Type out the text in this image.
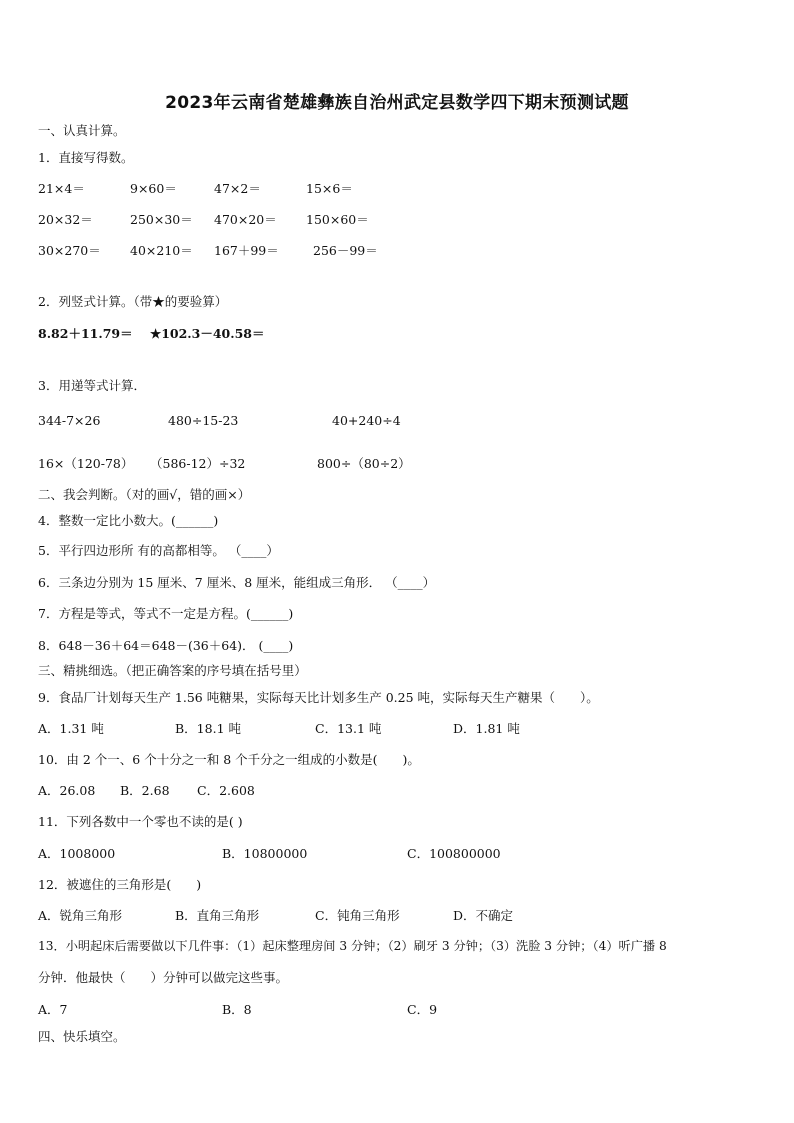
2023年云南省楚雄彝族自治州武定县数学四下期末预测试题
一、认真计算。
1．直接写得数。
21×4＝	9×60＝	47×2＝	15×6＝
20×32＝	250×30＝ 470×20＝ 150×60＝
30×270＝ 40×210＝ 167＋99＝	256－99＝
2．列竖式计算。（带★的要验算）
8.82＋11.79＝ ★102.3－40.58＝
3．用递等式计算．
344-7×26	480÷15-23	40+240÷4
16×（120-78） （586-12）÷32	800÷（80÷2）
二、我会判断。（对的画√，错的画×）
4．整数一定比小数大。(______)
5．平行四边形所 有的高都相等。 （____）
6．三条边分别为 15 厘米、7 厘米、8 厘米，能组成三角形． （____）
7．方程是等式，等式不一定是方程。(______)
8．648－36＋64＝648－(36＋64)． (____)
三、精挑细选。（把正确答案的序号填在括号里）
9．食品厂计划每天生产 1.56 吨糖果，实际每天比计划多生产 0.25 吨，实际每天生产糖果（　　）。
A．1.31 吨	B．18.1 吨	C．13.1 吨	D．1.81 吨
10．由 2 个一、6 个十分之一和 8 个千分之一组成的小数是(　　)。
A．26.08 B．2.68 C．2.608
11．下列各数中一个零也不读的是( )
A．1008000	B．10800000	C．100800000
12．被遮住的三角形是(　　)
A．锐角三角形	B．直角三角形	C．钝角三角形	D．不确定
13．小明起床后需要做以下几件事：（1）起床整理房间 3 分钟；（2）刷牙 3 分钟；（3）洗脸 3 分钟；（4）听广播 8
分钟．他最快（　　）分钟可以做完这些事。
A．7	B．8	C．9
四、快乐填空。
